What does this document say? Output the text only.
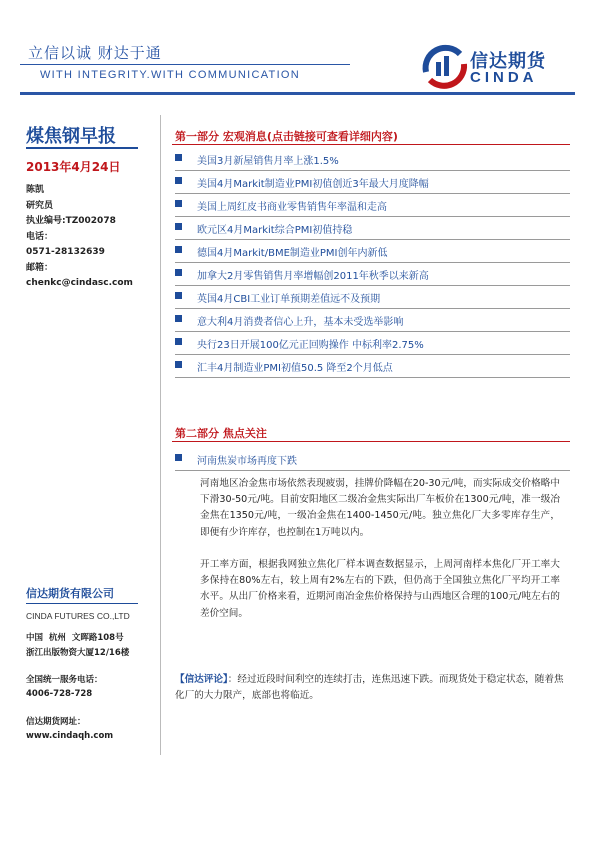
立信以诚 财达于通
WITH INTEGRITY.WITH COMMUNICATION
信达期货
CINDA
煤焦钢早报
2013年4月24日
陈凯
研究员
执业编号:TZ002078
电话：
0571-28132639
邮箱：
chenkc@cindasc.com
信达期货有限公司
CINDA FUTURES CO.,LTD
中国  杭州  文晖路108号
浙江出版物资大厦12/16楼
全国统一服务电话：
4006-728-728

信达期货网址：
www.cindaqh.com
第一部分 宏观消息(点击链接可查看详细内容)
美国3月新屋销售月率上涨1.5%
美国4月Markit制造业PMI初值创近3年最大月度降幅
美国上周红皮书商业零售销售年率温和走高
欧元区4月Markit综合PMI初值持稳
德国4月Markit/BME制造业PMI创年内新低
加拿大2月零售销售月率增幅创2011年秋季以来新高
英国4月CBI工业订单预期差值远不及预期
意大利4月消费者信心上升，基本未受选举影响
央行23日开展100亿元正回购操作 中标利率2.75%
汇丰4月制造业PMI初值50.5 降至2个月低点
第二部分 焦点关注
河南焦炭市场再度下跌
河南地区冶金焦市场依然表现疲弱，挂牌价降幅在20-30元/吨，而实际成交价格略中下滑30-50元/吨。目前安阳地区二级冶金焦实际出厂车板价在1300元/吨，准一级冶金焦在1350元/吨，一级冶金焦在1400-1450元/吨。独立焦化厂大多零库存生产，即便有少许库存，也控制在1万吨以内。
开工率方面，根据我网独立焦化厂样本调查数据显示，上周河南样本焦化厂开工率大多保持在80%左右，较上周有2%左右的下跌，但仍高于全国独立焦化厂平均开工率水平。从出厂价格来看，近期河南冶金焦价格保持与山西地区合理的100元/吨左右的差价空间。
【信达评论】：经过近段时间利空的连续打击，连焦迅速下跌。而现货处于稳定状态，随着焦化厂的大力限产，底部也将临近。
